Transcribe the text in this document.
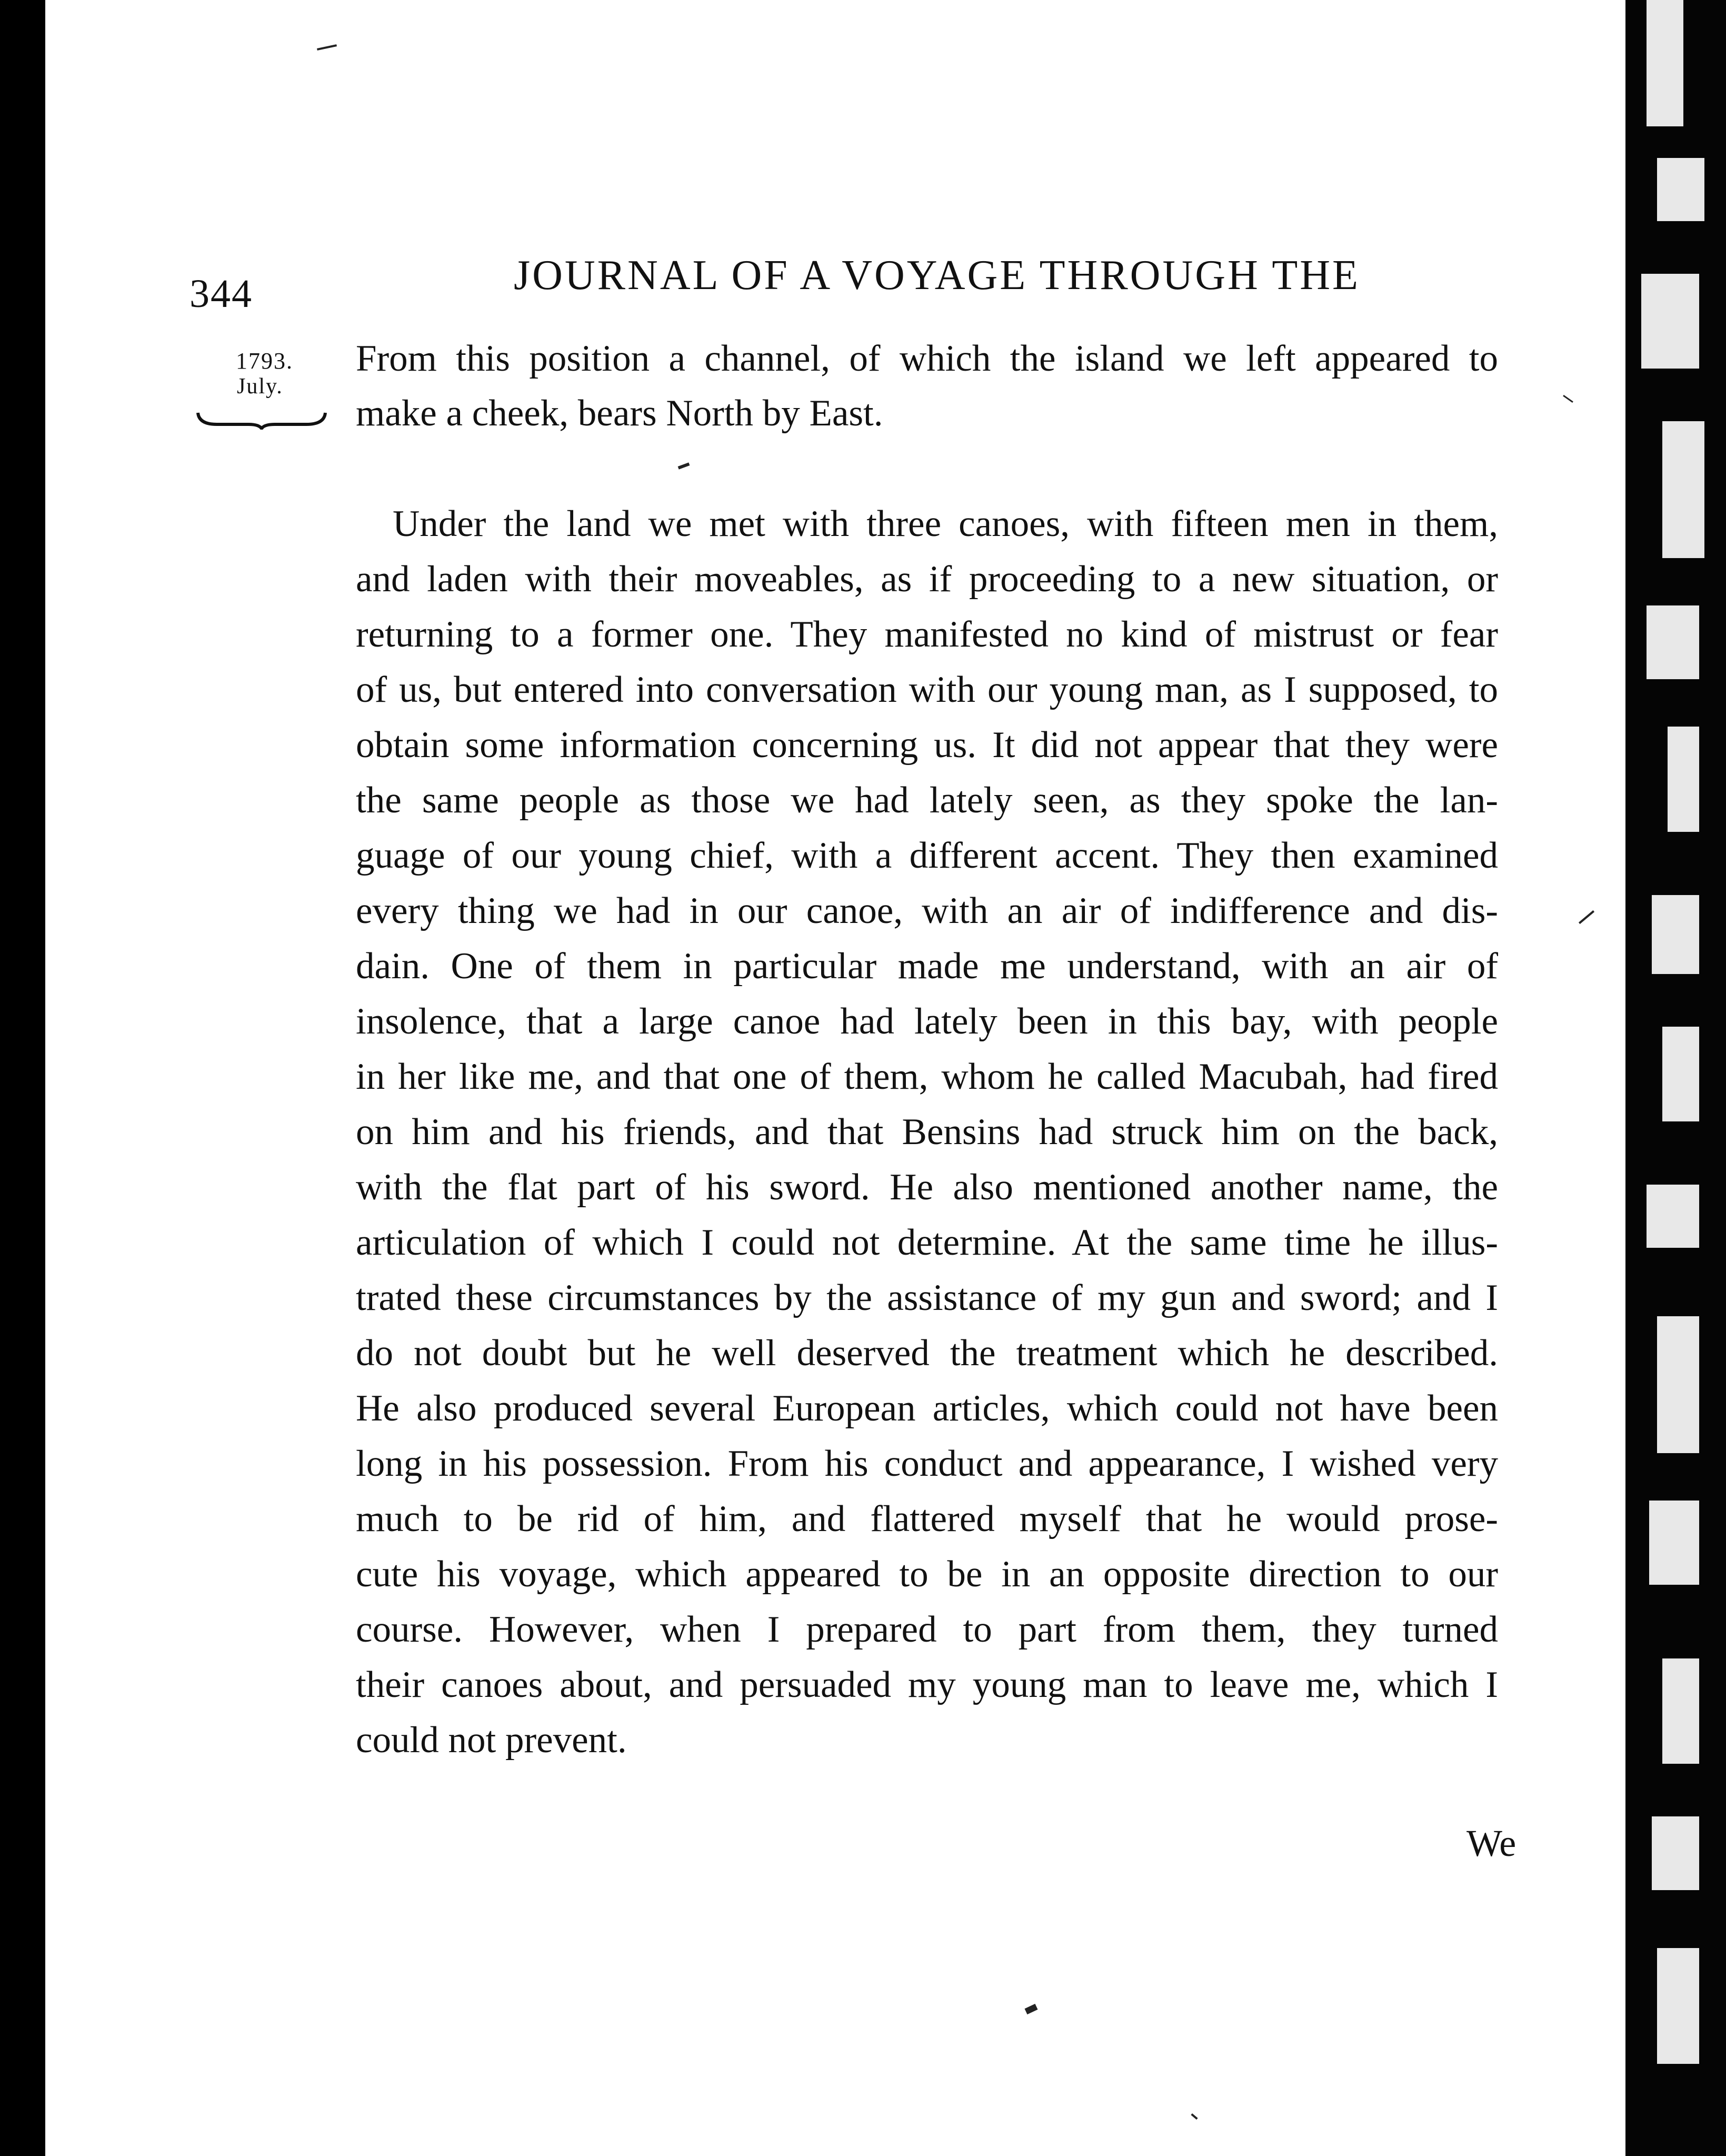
344	JOURNAL OF A VOYAGE THROUGH THE
1793.
July.
From this position a channel, of which the island we left appeared to
make a cheek, bears North by East.
Under the land we met with three canoes, with fifteen men in them,
and laden with their moveables, as if proceeding to a new situation, or
returning to a former one. They manifested no kind of mistrust or fear
of us, but entered into conversation with our young man, as I supposed, to
obtain some information concerning us. It did not appear that they were
the same people as those we had lately seen, as they spoke the lan-
guage of our young chief, with a different accent. They then examined
every thing we had in our canoe, with an air of indifference and dis-
dain. One of them in particular made me understand, with an air of
insolence, that a large canoe had lately been in this bay, with people
in her like me, and that one of them, whom he called Macubah, had fired
on him and his friends, and that Bensins had struck him on the back,
with the flat part of his sword. He also mentioned another name, the
articulation of which I could not determine. At the same time he illus-
trated these circumstances by the assistance of my gun and sword; and I
do not doubt but he well deserved the treatment which he described.
He also produced several European articles, which could not have been
long in his possession. From his conduct and appearance, I wished very
much to be rid of him, and flattered myself that he would prose-
cute his voyage, which appeared to be in an opposite direction to our
course. However, when I prepared to part from them, they turned
their canoes about, and persuaded my young man to leave me, which I
could not prevent.
We
